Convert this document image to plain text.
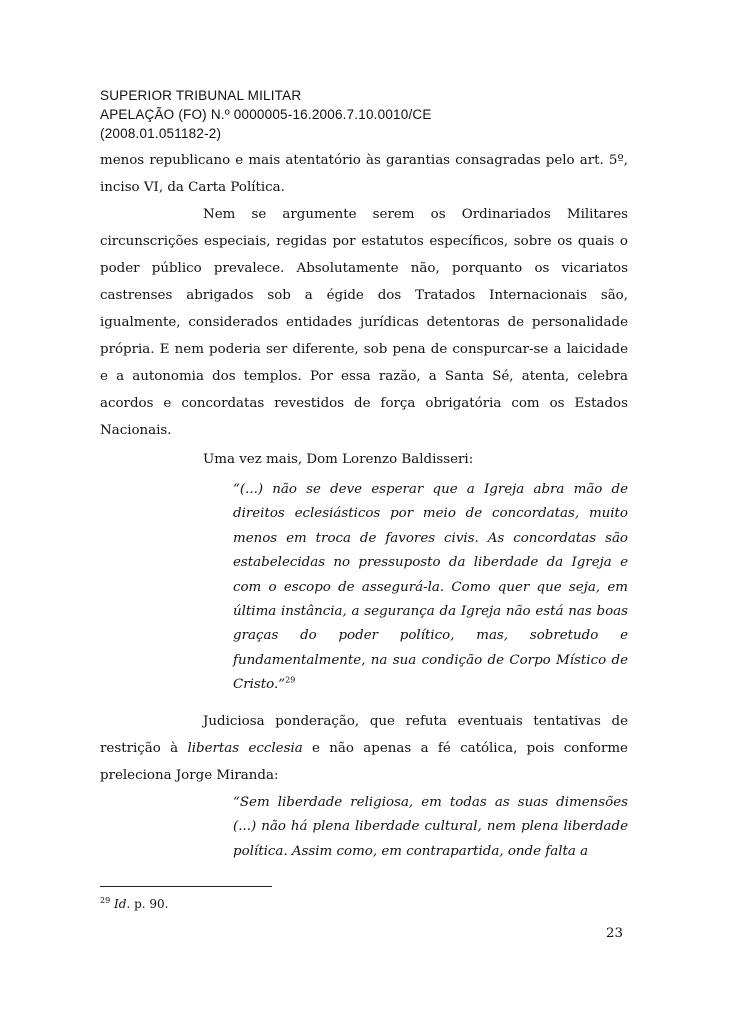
SUPERIOR TRIBUNAL MILITAR
APELAÇÃO (FO) N.º 0000005-16.2006.7.10.0010/CE
(2008.01.051182-2)

menos republicano e mais atentatório às garantias consagradas pelo art. 5º, inciso VI, da Carta Política.

Nem se argumente serem os Ordinariados Militares circunscrições especiais, regidas por estatutos específicos, sobre os quais o poder público prevalece. Absolutamente não, porquanto os vicariatos castrenses abrigados sob a égide dos Tratados Internacionais são, igualmente, considerados entidades jurídicas detentoras de personalidade própria. E nem poderia ser diferente, sob pena de conspurcar-se a laicidade e a autonomia dos templos. Por essa razão, a Santa Sé, atenta, celebra acordos e concordatas revestidos de força obrigatória com os Estados Nacionais.

Uma vez mais, Dom Lorenzo Baldisseri:

“(...) não se deve esperar que a Igreja abra mão de direitos eclesiásticos por meio de concordatas, muito menos em troca de favores civis. As concordatas são estabelecidas no pressuposto da liberdade da Igreja e com o escopo de assegurá-la. Como quer que seja, em última instância, a segurança da Igreja não está nas boas graças do poder político, mas, sobretudo e fundamentalmente, na sua condição de Corpo Místico de Cristo.”$^{29}$

Judiciosa ponderação, que refuta eventuais tentativas de restrição à libertas ecclesia e não apenas a fé católica, pois conforme preleciona Jorge Miranda:

“Sem liberdade religiosa, em todas as suas dimensões (...) não há plena liberdade cultural, nem plena liberdade política. Assim como, em contrapartida, onde falta a

$^{29}$ Id. p. 90.
23
